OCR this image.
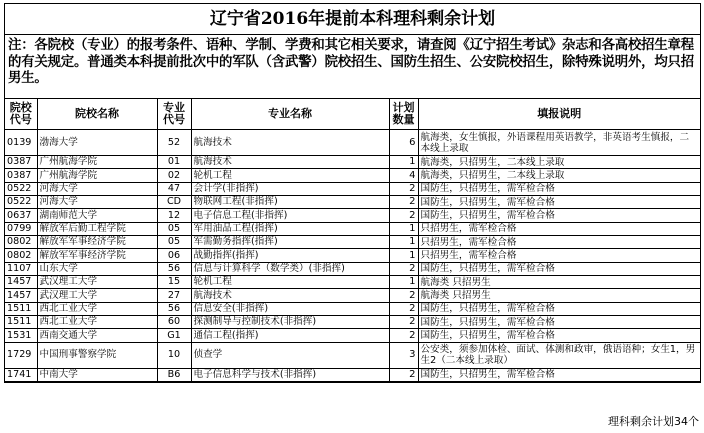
辽宁省2016年提前本科理科剩余计划
注：各院校（专业）的报考条件、语种、学制、学费和其它相关要求，请查阅《辽宁招生考试》杂志和各高校招生章程的有关规定。普通类本科提前批次中的军队（含武警）院校招生、国防生招生、公安院校招生，除特殊说明外，均只招男生。
院校代号	院校名称	专业代号	专业名称	计划数量	填报说明
0139	渤海大学	52	航海技术	6	航海类，女生慎报，外语课程用英语教学，非英语考生慎报，二本线上录取
0387	广州航海学院	01	航海技术	1	航海类，只招男生，二本线上录取
0387	广州航海学院	02	轮机工程	4	航海类，只招男生，二本线上录取
0522	河海大学	47	会计学(非指挥)	2	国防生，只招男生，需军检合格
0522	河海大学	CD	物联网工程(非指挥)	2	国防生，只招男生，需军检合格
0637	湖南师范大学	12	电子信息工程(非指挥)	2	国防生，只招男生，需军检合格
0799	解放军后勤工程学院	05	军用油品工程(指挥)	1	只招男生，需军检合格
0802	解放军军事经济学院	05	军需勤务指挥(指挥)	1	只招男生，需军检合格
0802	解放军军事经济学院	06	战勤指挥(指挥)	1	只招男生，需军检合格
1107	山东大学	56	信息与计算科学（数学类）(非指挥)	2	国防生，只招男生，需军检合格
1457	武汉理工大学	15	轮机工程	1	航海类 只招男生
1457	武汉理工大学	27	航海技术	2	航海类 只招男生
1511	西北工业大学	56	信息安全(非指挥)	2	国防生，只招男生，需军检合格
1511	西北工业大学	60	探测制导与控制技术(非指挥)	2	国防生，只招男生，需军检合格
1531	西南交通大学	G1	通信工程(指挥)	2	国防生，只招男生，需军检合格
1729	中国刑事警察学院	10	侦查学	3	公安类，须参加体检、面试、体测和政审，俄语语种；女生1，男生2（二本线上录取）
1741	中南大学	B6	电子信息科学与技术(非指挥)	2	国防生，只招男生，需军检合格
理科剩余计划34个
